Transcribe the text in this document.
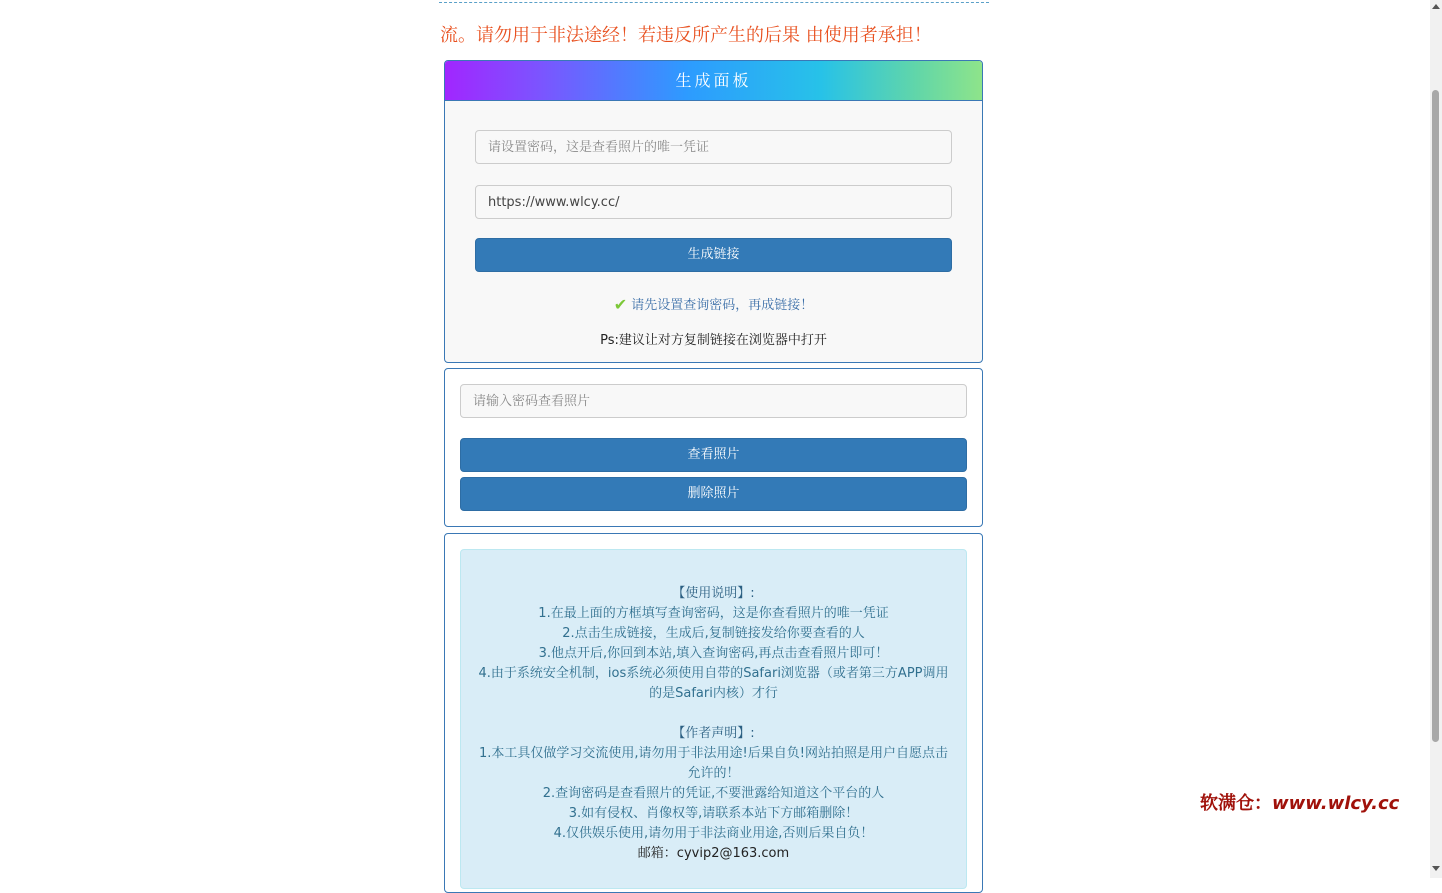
流。请勿用于非法途经！若违反所产生的后果 由使用者承担！
生成面板
请设置密码，这是查看照片的唯一凭证
https://www.wlcy.cc/
生成链接
✔ 请先设置查询密码，再成链接！
Ps:建议让对方复制链接在浏览器中打开
查看照片
删除照片
【使用说明】:
1.在最上面的方框填写查询密码，这是你查看照片的唯一凭证
2.点击生成链接，生成后,复制链接发给你要查看的人
3.他点开后,你回到本站,填入查询密码,再点击查看照片即可！
4.由于系统安全机制，ios系统必须使用自带的Safari浏览器（或者第三方APP调用的是Safari内核）才行
【作者声明】:
1.本工具仅做学习交流使用,请勿用于非法用途!后果自负!网站拍照是用户自愿点击允许的！
2.查询密码是查看照片的凭证,不要泄露给知道这个平台的人
3.如有侵权、肖像权等,请联系本站下方邮箱删除！
4.仅供娱乐使用,请勿用于非法商业用途,否则后果自负！
邮箱：cyvip2@163.com
软满仓：www.wlcy.cc
